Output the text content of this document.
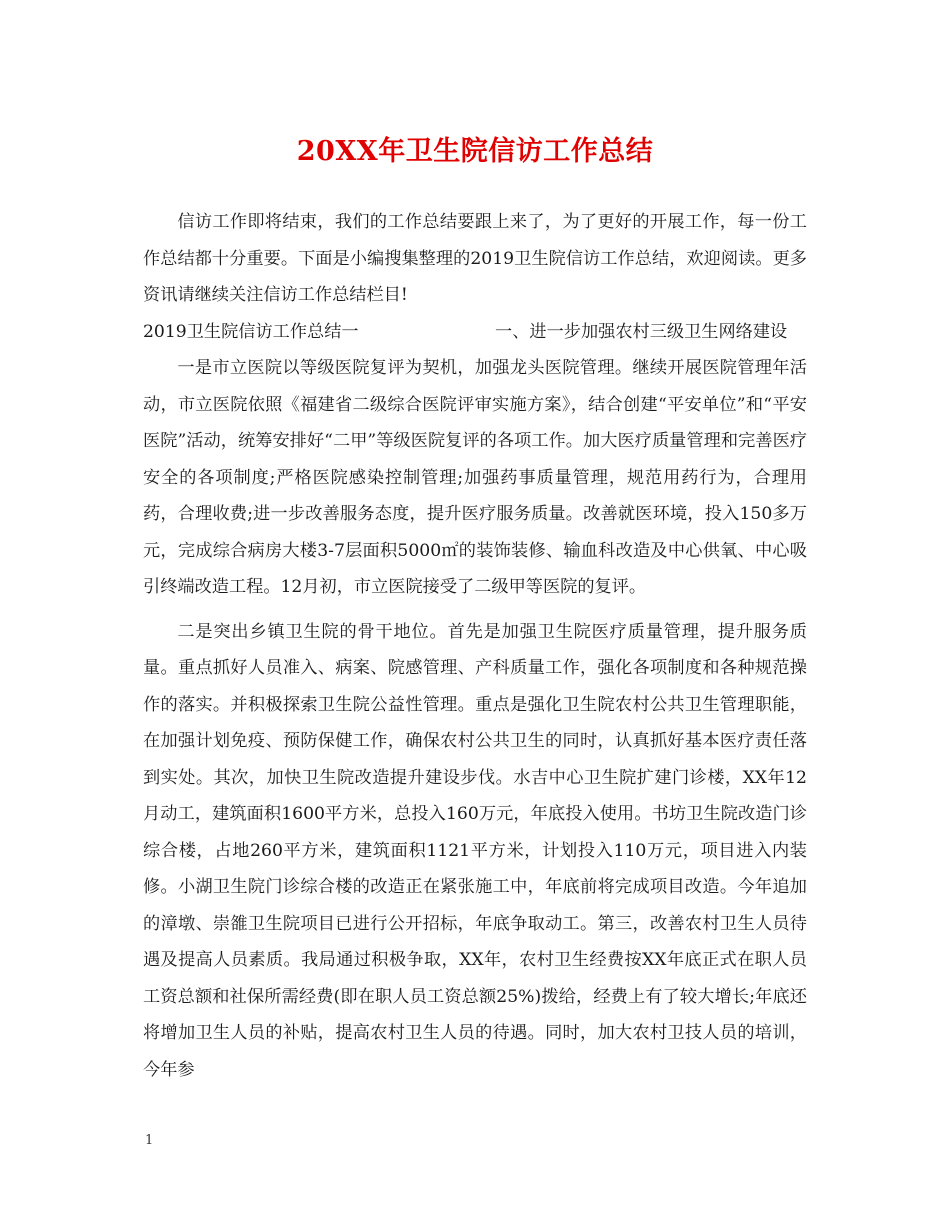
20XX年卫生院信访工作总结

信访工作即将结束，我们的工作总结要跟上来了，为了更好的开展工作，每一份工作总结都十分重要。下面是小编搜集整理的2019卫生院信访工作总结，欢迎阅读。更多资讯请继续关注信访工作总结栏目!

2019卫生院信访工作总结一	一、进一步加强农村三级卫生网络建设

一是市立医院以等级医院复评为契机，加强龙头医院管理。继续开展医院管理年活动，市立医院依照《福建省二级综合医院评审实施方案》，结合创建“平安单位”和“平安医院”活动，统筹安排好“二甲”等级医院复评的各项工作。加大医疗质量管理和完善医疗安全的各项制度;严格医院感染控制管理;加强药事质量管理，规范用药行为，合理用药，合理收费;进一步改善服务态度，提升医疗服务质量。改善就医环境，投入150多万元，完成综合病房大楼3-7层面积5000㎡的装饰装修、输血科改造及中心供氧、中心吸引终端改造工程。12月初，市立医院接受了二级甲等医院的复评。

二是突出乡镇卫生院的骨干地位。首先是加强卫生院医疗质量管理，提升服务质量。重点抓好人员准入、病案、院感管理、产科质量工作，强化各项制度和各种规范操作的落实。并积极探索卫生院公益性管理。重点是强化卫生院农村公共卫生管理职能，在加强计划免疫、预防保健工作，确保农村公共卫生的同时，认真抓好基本医疗责任落到实处。其次，加快卫生院改造提升建设步伐。水吉中心卫生院扩建门诊楼，XX年12月动工，建筑面积1600平方米，总投入160万元，年底投入使用。书坊卫生院改造门诊综合楼，占地260平方米，建筑面积1121平方米，计划投入110万元，项目进入内装修。小湖卫生院门诊综合楼的改造正在紧张施工中，年底前将完成项目改造。今年追加的漳墩、崇雒卫生院项目已进行公开招标，年底争取动工。第三，改善农村卫生人员待遇及提高人员素质。我局通过积极争取，XX年，农村卫生经费按XX年底正式在职人员工资总额和社保所需经费(即在职人员工资总额25%)拨给，经费上有了较大增长;年底还将增加卫生人员的补贴，提高农村卫生人员的待遇。同时，加大农村卫技人员的培训，今年参

1
